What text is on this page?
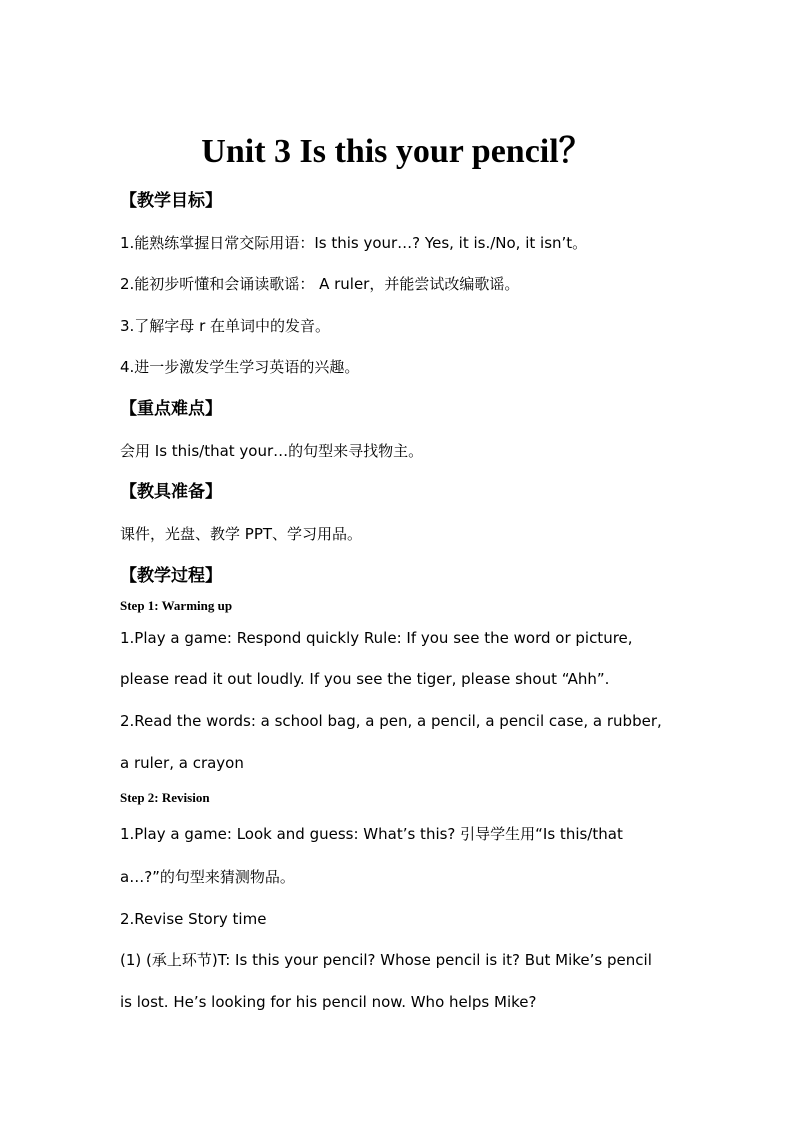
Unit 3 Is this your pencil？
【教学目标】
1.能熟练掌握日常交际用语：Is this your…? Yes, it is./No, it isn’t。
2.能初步听懂和会诵读歌谣： A ruler，并能尝试改编歌谣。
3.了解字母 r 在单词中的发音。
4.进一步激发学生学习英语的兴趣。
【重点难点】
会用 Is this/that your…的句型来寻找物主。
【教具准备】
课件，光盘、教学 PPT、学习用品。
【教学过程】
Step 1: Warming up
1.Play a game: Respond quickly Rule: If you see the word or picture,
please read it out loudly. If you see the tiger, please shout “Ahh”.
2.Read the words: a school bag, a pen, a pencil, a pencil case, a rubber,
a ruler, a crayon
Step 2: Revision
1.Play a game: Look and guess: What’s this? 引导学生用“Is this/that
a…?”的句型来猜测物品。
2.Revise Story time
(1) (承上环节)T: Is this your pencil? Whose pencil is it? But Mike’s pencil
is lost. He’s looking for his pencil now. Who helps Mike?
